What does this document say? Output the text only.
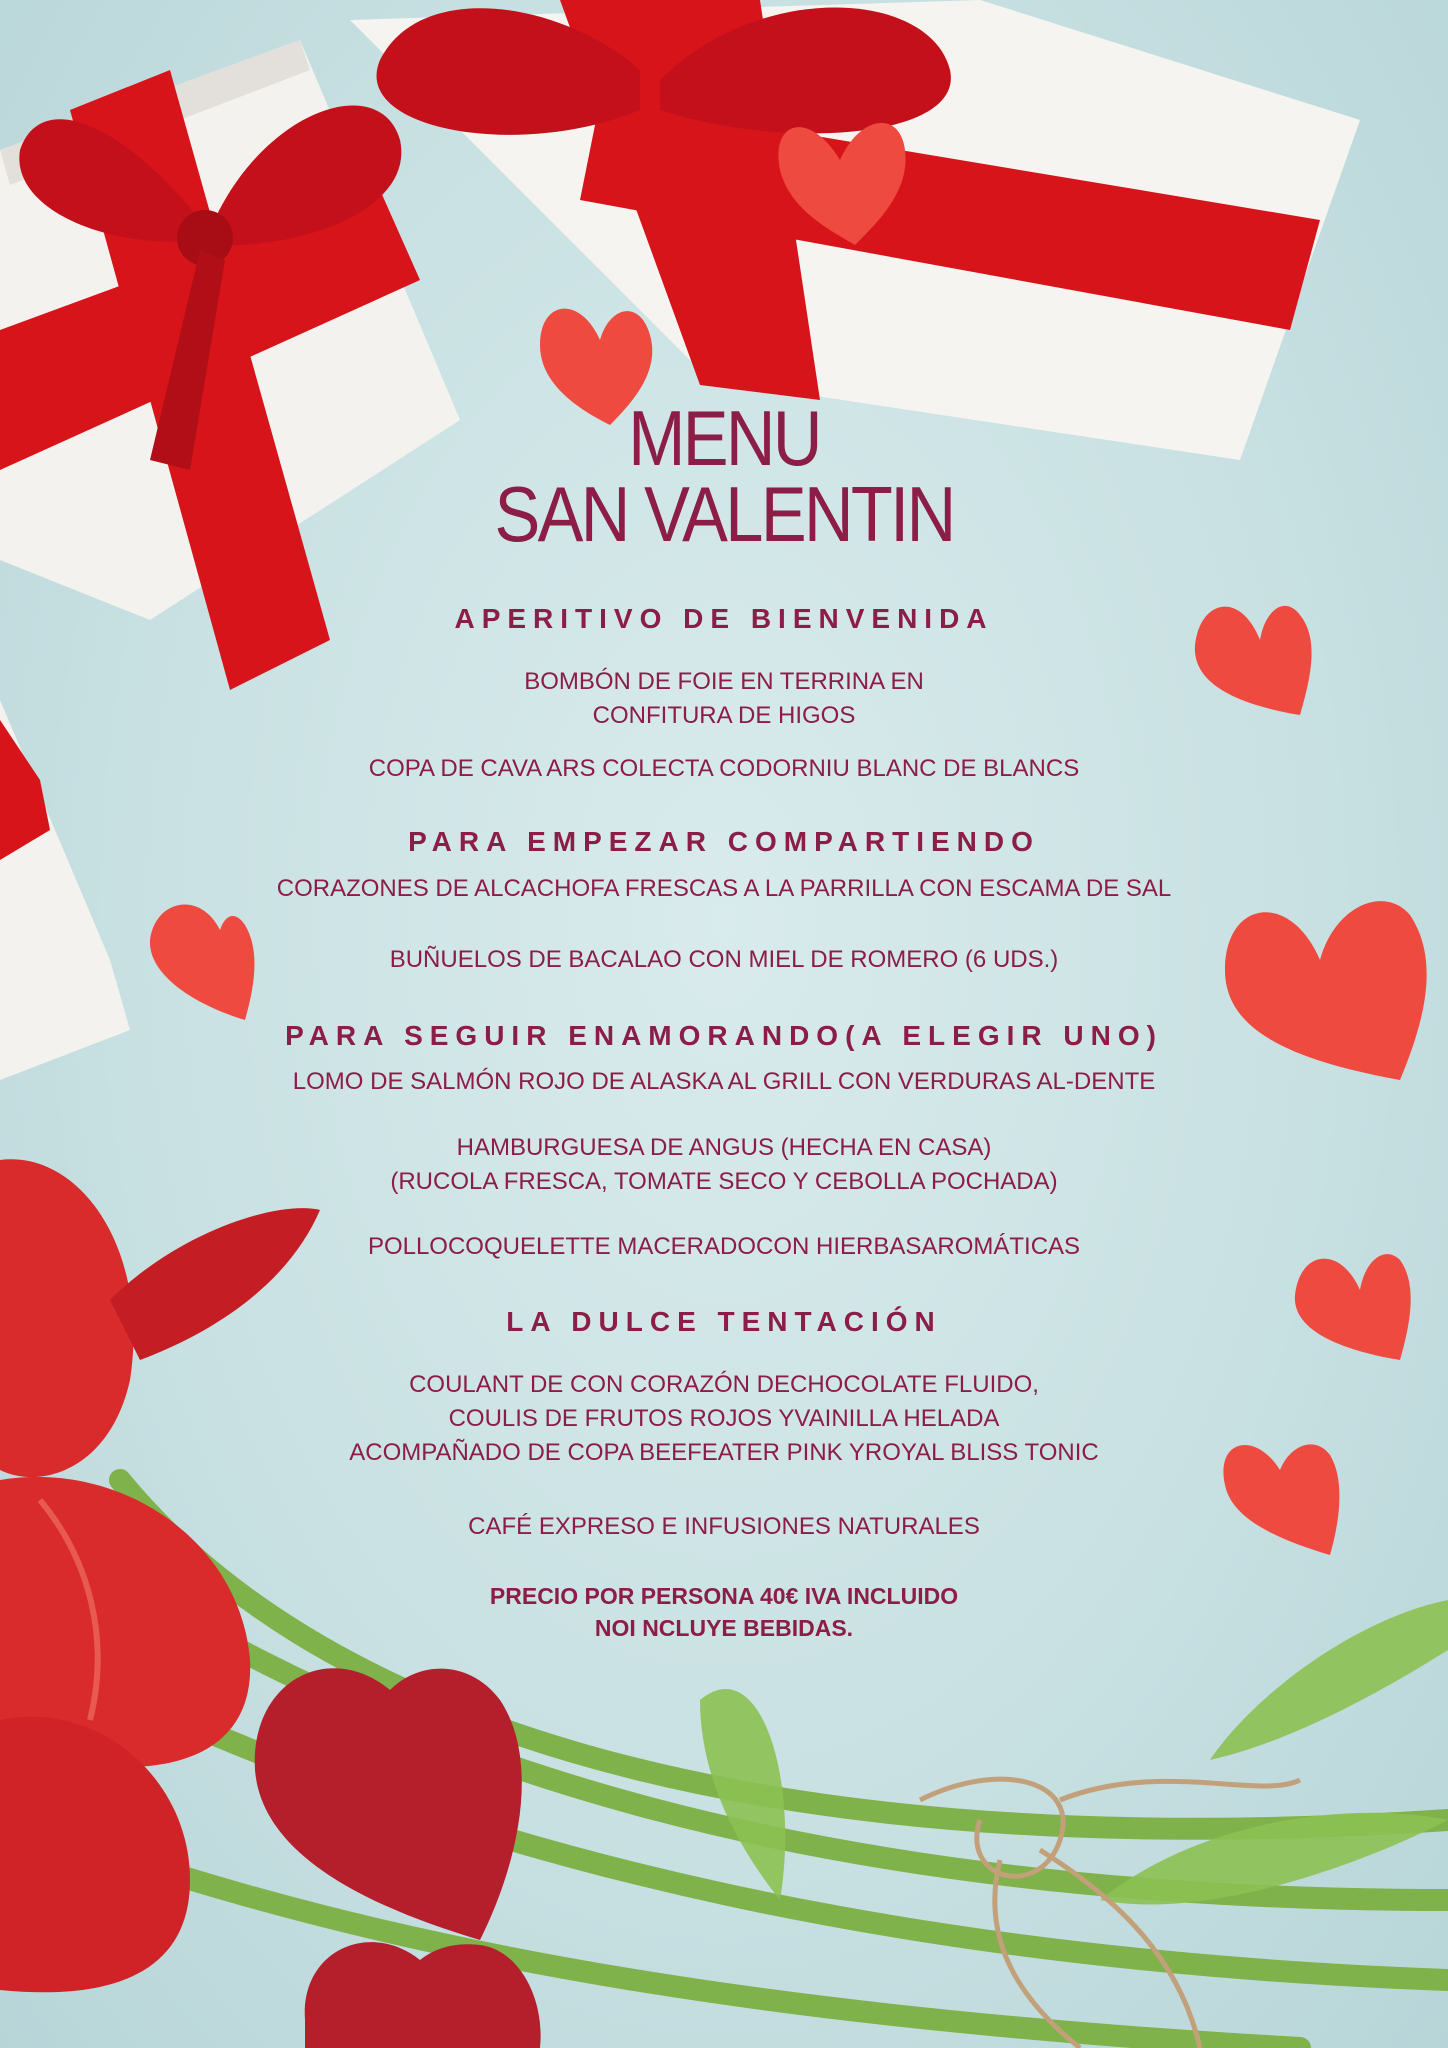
MENU

SAN VALENTIN

APERITIVO DE BIENVENIDA

BOMBÓN DE FOIE EN TERRINA EN
CONFITURA DE HIGOS

COPA DE CAVA ARS COLECTA CODORNIU BLANC DE BLANCS

PARA EMPEZAR COMPARTIENDO

CORAZONES DE ALCACHOFA FRESCAS A LA PARRILLA CON ESCAMA DE SAL

BUÑUELOS DE BACALAO CON MIEL DE ROMERO (6 UDS.)

PARA SEGUIR ENAMORANDO(A ELEGIR UNO)

LOMO DE SALMÓN ROJO DE ALASKA AL GRILL CON VERDURAS AL-DENTE

HAMBURGUESA DE ANGUS (HECHA EN CASA)
(RUCOLA FRESCA, TOMATE SECO Y CEBOLLA POCHADA)

POLLOCOQUELETTE MACERADOCON HIERBASAROMÁTICAS

LA DULCE TENTACIÓN

COULANT DE CON CORAZÓN DECHOCOLATE FLUIDO,
COULIS DE FRUTOS ROJOS YVAINILLA HELADA
ACOMPAÑADO DE COPA BEEFEATER PINK YROYAL BLISS TONIC

CAFÉ EXPRESO E INFUSIONES NATURALES

PRECIO POR PERSONA 40€ IVA INCLUIDO
NOI NCLUYE BEBIDAS.
